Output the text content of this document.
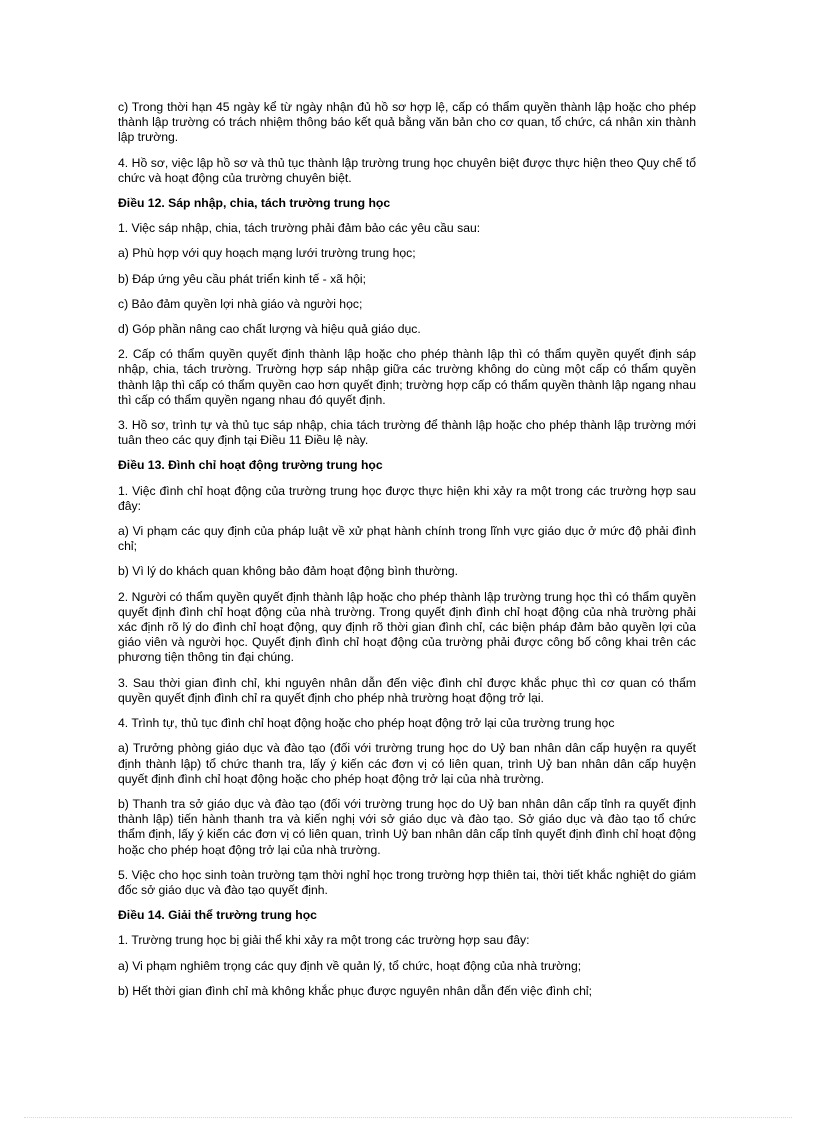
c) Trong thời hạn 45 ngày kể từ ngày nhận đủ hồ sơ hợp lệ, cấp có thẩm quyền thành lập hoặc cho phép thành lập trường có trách nhiệm thông báo kết quả bằng văn bản cho cơ quan, tổ chức, cá nhân xin thành lập trường.

4. Hồ sơ, việc lập hồ sơ và thủ tục thành lập trường trung học chuyên biệt được thực hiện theo Quy chế tổ chức và hoạt động của trường chuyên biệt.

Điều 12. Sáp nhập, chia, tách trường trung học

1. Việc sáp nhập, chia, tách trường phải đảm bảo các yêu cầu sau:

a) Phù hợp với quy hoạch mạng lưới trường trung học;

b) Đáp ứng yêu cầu phát triển kinh tế - xã hội;

c) Bảo đảm quyền lợi nhà giáo và người học;

d) Góp phần nâng cao chất lượng và hiệu quả giáo dục.

2. Cấp có thẩm quyền quyết định thành lập hoặc cho phép thành lập thì có thẩm quyền quyết định sáp nhập, chia, tách trường. Trường hợp sáp nhập giữa các trường không do cùng một cấp có thẩm quyền thành lập thì cấp có thẩm quyền cao hơn quyết định; trường hợp cấp có thẩm quyền thành lập ngang nhau thì cấp có thẩm quyền ngang nhau đó quyết định.

3. Hồ sơ, trình tự và thủ tục sáp nhập, chia tách trường để thành lập hoặc cho phép thành lập trường mới tuân theo các quy định tại Điều 11 Điều lệ này.

Điều 13. Đình chỉ hoạt động trường trung học

1. Việc đình chỉ hoạt động của trường trung học được thực hiện khi xảy ra một trong các trường hợp sau đây:

a) Vi phạm các quy định của pháp luật về xử phạt hành chính trong lĩnh vực giáo dục ở mức độ phải đình chỉ;

b) Vì lý do khách quan không bảo đảm hoạt động bình thường.

2. Người có thẩm quyền quyết định thành lập hoặc cho phép thành lập trường trung học thì có thẩm quyền quyết định đình chỉ hoạt động của nhà trường. Trong quyết định đình chỉ hoạt động của nhà trường phải xác định rõ lý do đình chỉ hoạt động, quy định rõ thời gian đình chỉ, các biện pháp đảm bảo quyền lợi của giáo viên và người học. Quyết định đình chỉ hoạt động của trường phải được công bố công khai trên các phương tiện thông tin đại chúng.

3. Sau thời gian đình chỉ, khi nguyên nhân dẫn đến việc đình chỉ được khắc phục thì cơ quan có thẩm quyền quyết định đình chỉ ra quyết định cho phép nhà trường hoạt động trở lại.

4. Trình tự, thủ tục đình chỉ hoạt động hoặc cho phép hoạt động trở lại của trường trung học

a) Trưởng phòng giáo dục và đào tạo (đối với trường trung học do Uỷ ban nhân dân cấp huyện ra quyết định thành lập) tổ chức thanh tra, lấy ý kiến các đơn vị có liên quan, trình Uỷ ban nhân dân cấp huyện quyết định đình chỉ hoạt động hoặc cho phép hoạt động trở lại của nhà trường.

b) Thanh tra sở giáo dục và đào tạo (đối với trường trung học do Uỷ ban nhân dân cấp tỉnh ra quyết định thành lập) tiến hành thanh tra và kiến nghị với sở giáo dục và đào tạo. Sở giáo dục và đào tạo tổ chức thẩm định, lấy ý kiến các đơn vị có liên quan, trình Uỷ ban nhân dân cấp tỉnh quyết định đình chỉ hoạt động hoặc cho phép hoạt động trở lại của nhà trường.

5. Việc cho học sinh toàn trường tạm thời nghỉ học trong trường hợp thiên tai, thời tiết khắc nghiệt do giám đốc sở giáo dục và đào tạo quyết định.

Điều 14. Giải thể trường trung học

1. Trường trung học bị giải thể khi xảy ra một trong các trường hợp sau đây:

a) Vi phạm nghiêm trọng các quy định về quản lý, tổ chức, hoạt động của nhà trường;

b) Hết thời gian đình chỉ mà không khắc phục được nguyên nhân dẫn đến việc đình chỉ;
